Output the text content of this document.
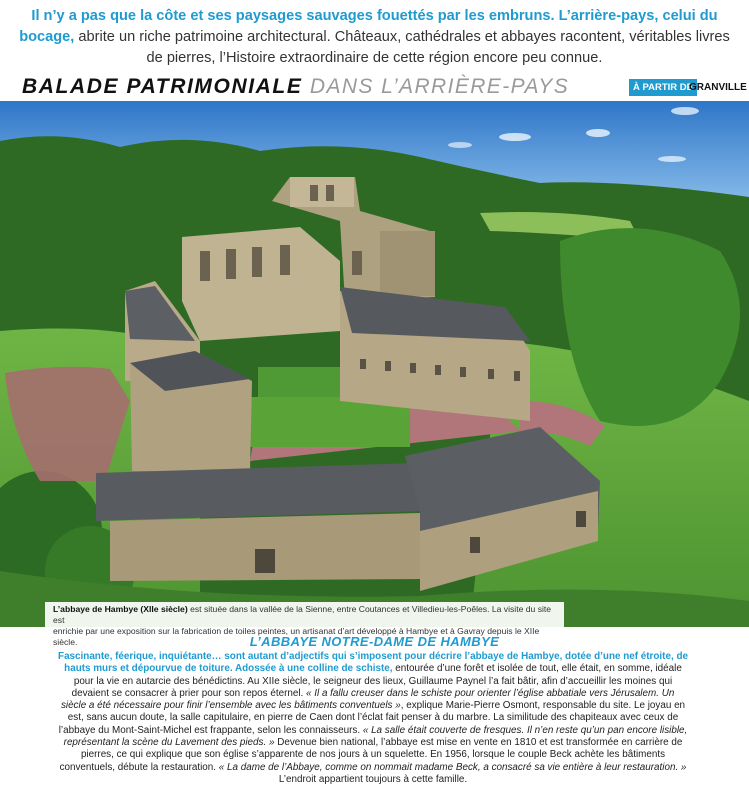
Il n’y a pas que la côte et ses paysages sauvages fouettés par les embruns. L’arrière-pays, celui du bocage, abrite un riche patrimoine architectural. Châteaux, cathédrales et abbayes racontent, véritables livres de pierres, l’Histoire extraordinaire de cette région encore peu connue.
BALADE PATRIMONIALE DANS L’ARRIÈRE-PAYS	À PARTIR DE
GRANVILLE
L’abbaye de Hambye (XIIe siècle) est située dans la vallée de la Sienne, entre Coutances et Villedieu-les-Poêles. La visite du site est
enrichie par une exposition sur la fabrication de toiles peintes, un artisanat d’art développé à Hambye et à Gavray depuis le XIIe siècle.	L’ABBAYE NOTRE-DAME DE HAMBYE
Fascinante, féerique, inquiétante… sont autant d’adjectifs qui s’imposent pour décrire l’abbaye de Hambye, dotée d’une nef étroite, de hauts murs et dépourvue de toiture. Adossée à une colline de schiste, entourée d’une forêt et isolée de tout, elle était, en somme, idéale pour la vie en autarcie des bénédictins. Au XIIe siècle, le seigneur des lieux, Guillaume Paynel l’a fait bâtir, afin d’accueillir les moines qui devaient se consacrer à prier pour son repos éternel. « Il a fallu creuser dans le schiste pour orienter l’église abbatiale vers Jérusalem. Un siècle a été nécessaire pour finir l’ensemble avec les bâtiments conventuels », explique Marie-Pierre Osmont, responsable du site. Le joyau en est, sans aucun doute, la salle capitulaire, en pierre de Caen dont l’éclat fait penser à du marbre. La similitude des chapiteaux avec ceux de l’abbaye du Mont-Saint-Michel est frappante, selon les connaisseurs. « La salle était couverte de fresques. Il n’en reste qu’un pan encore lisible, représentant la scène du Lavement des pieds. » Devenue bien national, l’abbaye est mise en vente en 1810 et est transformée en carrière de pierres, ce qui explique que son église s’apparente de nos jours à un squelette. En 1956, lorsque le couple Beck achète les bâtiments conventuels, débute la restauration. « La dame de l’Abbaye, comme on nommait madame Beck, a consacré sa vie entière à leur restauration. » L’endroit appartient toujours à cette famille.
